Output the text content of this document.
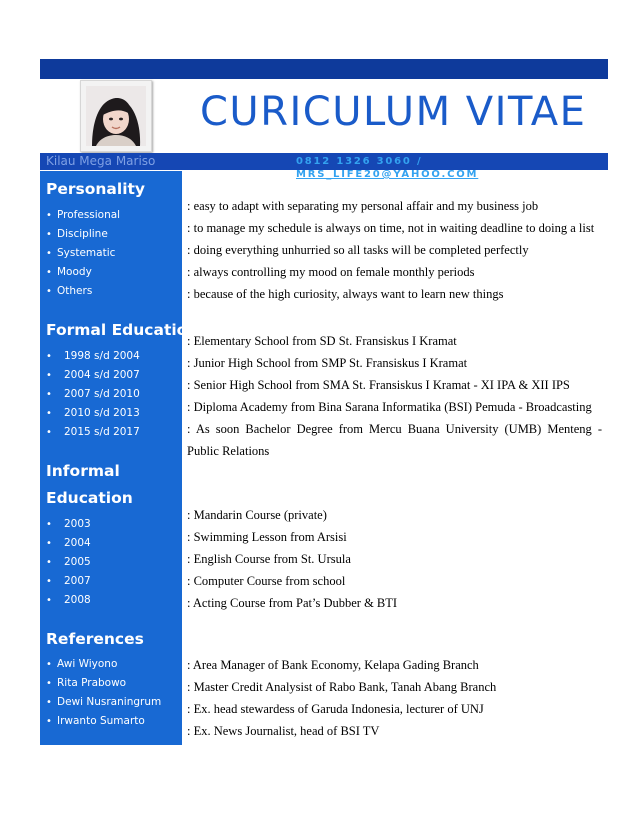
CURICULUM VITAE
Kilau Mega Mariso	0812 1326 3060 / MRS_LIFE20@YAHOO.COM
Personality
• Professional
• Discipline
• Systematic
• Moody
• Others
: easy to adapt with separating my personal affair and my business job
: to manage my schedule is always on time, not in waiting deadline to doing a list
: doing everything unhurried so all tasks will be completed perfectly
: always controlling my mood on female monthly periods
: because of the high curiosity, always want to learn new things
Formal Education
• 1998 s/d 2004
• 2004 s/d 2007
• 2007 s/d 2010
• 2010 s/d 2013
• 2015 s/d 2017
: Elementary School from SD St. Fransiskus I Kramat
: Junior High School from SMP St. Fransiskus I Kramat
: Senior High School from SMA St. Fransiskus I Kramat - XI IPA & XII IPS
: Diploma Academy from Bina Sarana Informatika (BSI) Pemuda - Broadcasting
: As soon Bachelor Degree from Mercu Buana University (UMB) Menteng - Public Relations
Informal
Education
• 2003
• 2004
• 2005
• 2007
• 2008
: Mandarin Course (private)
: Swimming Lesson from Arsisi
: English Course from St. Ursula
: Computer Course from school
: Acting Course from Pat’s Dubber & BTI
References
• Awi Wiyono
• Rita Prabowo
• Dewi Nusraningrum
• Irwanto Sumarto
: Area Manager of Bank Economy, Kelapa Gading Branch
: Master Credit Analysist of Rabo Bank, Tanah Abang Branch
: Ex. head stewardess of Garuda Indonesia, lecturer of UNJ
: Ex. News Journalist, head of BSI TV
